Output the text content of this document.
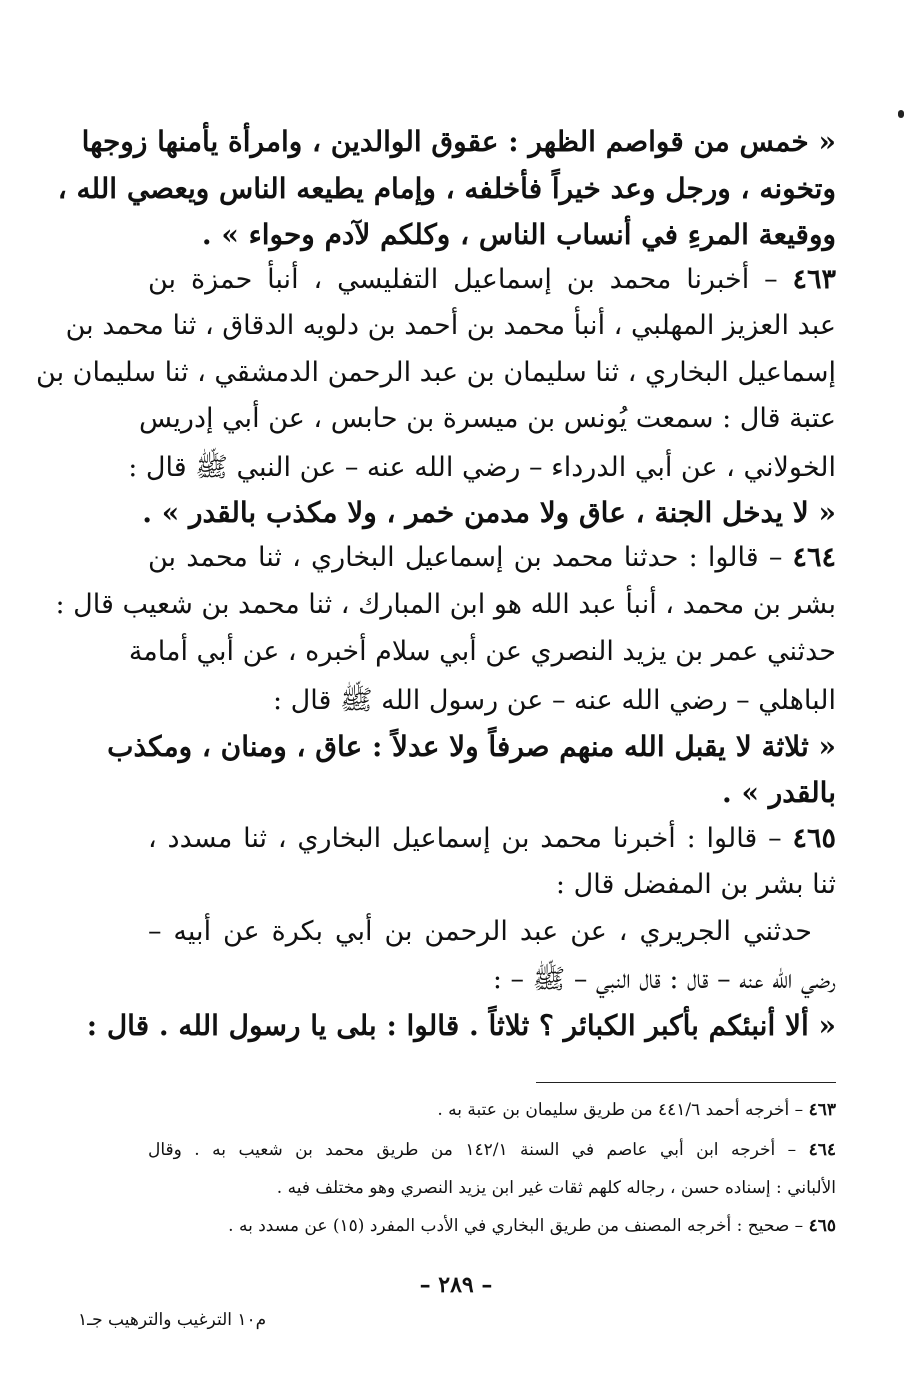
« خمس من قواصم الظهر : عقوق الوالدين ، وامرأة يأمنها زوجها
وتخونه ، ورجل وعد خيراً فأخلفه ، وإمام يطيعه الناس ويعصي الله ،
ووقيعة المرءِ في أنساب الناس ، وكلكم لآدم وحواء » .
٤٦٣ – أخبرنا محمد بن إسماعيل التفليسي ، أنبأ حمزة بن
عبد العزيز المهلبي ، أنبأ محمد بن أحمد بن دلويه الدقاق ، ثنا محمد بن
إسماعيل البخاري ، ثنا سليمان بن عبد الرحمن الدمشقي ، ثنا سليمان بن
عتبة قال : سمعت يُونس بن ميسرة بن حابس ، عن أبي إدريس
الخولاني ، عن أبي الدرداء – رضي الله عنه – عن النبي ﷺ قال :
« لا يدخل الجنة ، عاق ولا مدمن خمر ، ولا مكذب بالقدر » .
٤٦٤ – قالوا : حدثنا محمد بن إسماعيل البخاري ، ثنا محمد بن
بشر بن محمد ، أنبأ عبد الله هو ابن المبارك ، ثنا محمد بن شعيب قال :
حدثني عمر بن يزيد النصري عن أبي سلام أخبره ، عن أبي أمامة
الباهلي – رضي الله عنه – عن رسول الله ﷺ قال :
« ثلاثة لا يقبل الله منهم صرفاً ولا عدلاً : عاق ، ومنان ، ومكذب
بالقدر » .
٤٦٥ – قالوا : أخبرنا محمد بن إسماعيل البخاري ، ثنا مسدد ،
ثنا بشر بن المفضل قال :
حدثني الجريري ، عن عبد الرحمن بن أبي بكرة عن أبيه –
رضي الله عنه – قال : قال النبي – ﷺ – :
« ألا أنبئكم بأكبر الكبائر ؟ ثلاثاً . قالوا : بلى يا رسول الله . قال :
٤٦٣ – أخرجه أحمد ٤٤١/٦ من طريق سليمان بن عتبة به .
٤٦٤ – أخرجه ابن أبي عاصم في السنة ١٤٢/١ من طريق محمد بن شعيب به . وقال
الألباني : إسناده حسن ، رجاله كلهم ثقات غير ابن يزيد النصري وهو مختلف فيه .
٤٦٥ – صحيح : أخرجه المصنف من طريق البخاري في الأدب المفرد (١٥) عن مسدد به .
– ٢٨٩ –
م١٠ الترغيب والترهيب جـ١
